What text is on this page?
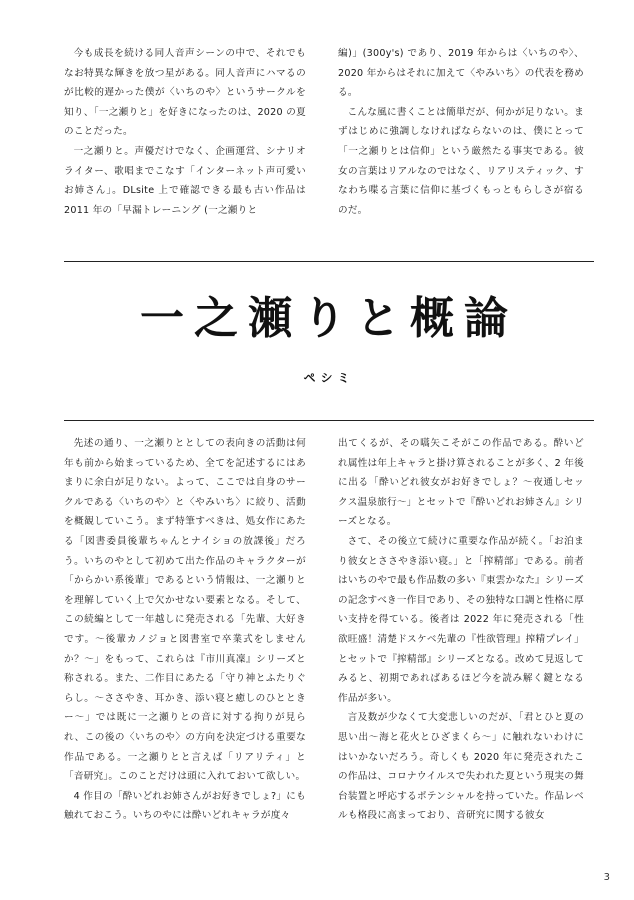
今も成長を続ける同人音声シーンの中で、それでもなお特異な輝きを放つ星がある。同人音声にハマるのが比較的遅かった僕が〈いちのや〉というサークルを知り、「一之瀬りと」を好きになったのは、2020 の夏のことだった。

一之瀬りと。声優だけでなく、企画運営、シナリオライター、歌唱までこなす「インターネット声可愛いお姉さん」。DLsite 上で確認できる最も古い作品は 2011 年の「早漏トレーニング (一之瀬りと

編)」(300y's) であり、2019 年からは〈いちのや〉、2020 年からはそれに加えて〈やみいち〉の代表を務める。

こんな風に書くことは簡単だが、何かが足りない。まずはじめに強調しなければならないのは、僕にとって「一之瀬りとは信仰」という厳然たる事実である。彼女の言葉はリアルなのではなく、リアリスティック、すなわち喋る言葉に信仰に基づくもっともらしさが宿るのだ。

一之瀬りと概論
ペシミ

先述の通り、一之瀬りととしての表向きの活動は何年も前から始まっているため、全てを記述するにはあまりに余白が足りない。よって、ここでは自身のサークルである〈いちのや〉と〈やみいち〉に絞り、活動を概観していこう。まず特筆すべきは、処女作にあたる「図書委員後輩ちゃんとナイショの放課後」だろう。いちのやとして初めて出た作品のキャラクターが「からかい系後輩」であるという情報は、一之瀬りとを理解していく上で欠かせない要素となる。そして、この続編として一年越しに発売される「先輩、大好きです。〜後輩カノジョと図書室で卒業式をしませんか？〜」をもって、これらは『市川真凜』シリーズと称される。また、二作目にあたる「守り神とふたりぐらし。〜ささやき、耳かき、添い寝と癒しのひとときー〜」では既に一之瀬りとの音に対する拘りが見られ、この後の〈いちのや〉の方向を決定づける重要な作品である。一之瀬りとと言えば「リアリティ」と「音研究」。このことだけは頭に入れておいて欲しい。

4 作目の「酔いどれお姉さんがお好きでしょ?」にも触れておこう。いちのやには酔いどれキャラが度々

出てくるが、その嚆矢こそがこの作品である。酔いどれ属性は年上キャラと掛け算されることが多く、2 年後に出る「酔いどれ彼女がお好きでしょ？〜夜通しセックス温泉旅行〜」とセットで『酔いどれお姉さん』シリーズとなる。

さて、その後立て続けに重要な作品が続く。「お泊まり彼女とささやき添い寝。」と「搾精部」である。前者はいちのやで最も作品数の多い『東雲かなた』シリーズの記念すべき一作目であり、その独特な口調と性格に厚い支持を得ている。後者は 2022 年に発売される「性欲旺盛！清楚ドスケベ先輩の『性欲管理』搾精プレイ」とセットで『搾精部』シリーズとなる。改めて見返してみると、初期であればあるほど今を読み解く鍵となる作品が多い。

言及数が少なくて大変悲しいのだが、「君とひと夏の思い出〜海と花火とひざまくら〜」に触れないわけにはいかないだろう。奇しくも 2020 年に発売されたこの作品は、コロナウイルスで失われた夏という現実の舞台装置と呼応するポテンシャルを持っていた。作品レベルも格段に高まっており、音研究に関する彼女

3
